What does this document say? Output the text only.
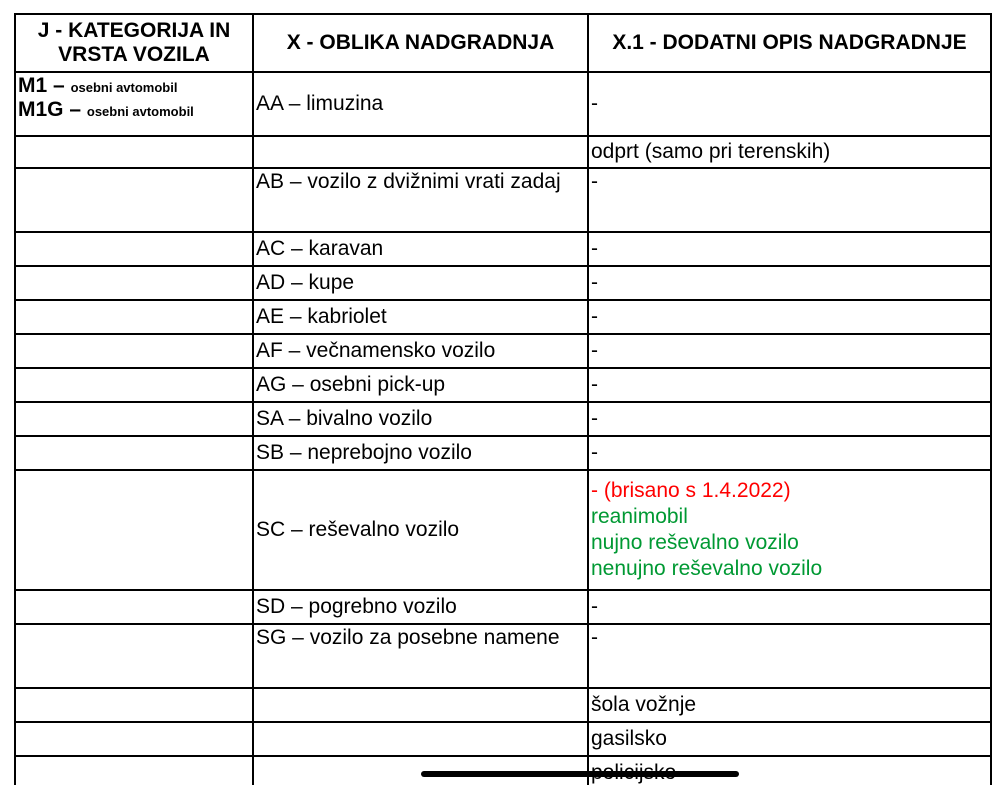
J - KATEGORIJA IN VRSTA VOZILA	X - OBLIKA NADGRADNJA	X.1 - DODATNI OPIS NADGRADNJE

M1 – osebni avtomobil
M1G – osebni avtomobil	AA – limuzina	-
		odprt (samo pri terenskih)
	AB – vozilo z dvižnimi vrati zadaj	-
	AC – karavan	-
	AD – kupe	-
	AE – kabriolet	-
	AF – večnamensko vozilo	-
	AG – osebni pick-up	-
	SA – bivalno vozilo	-
	SB – neprebojno vozilo	-
	SC – reševalno vozilo	- (brisano s 1.4.2022)
reanimobil
nujno reševalno vozilo
nenujno reševalno vozilo

	SD – pogrebno vozilo	-
	SG – vozilo za posebne namene	-
		šola vožnje
		gasilsko
